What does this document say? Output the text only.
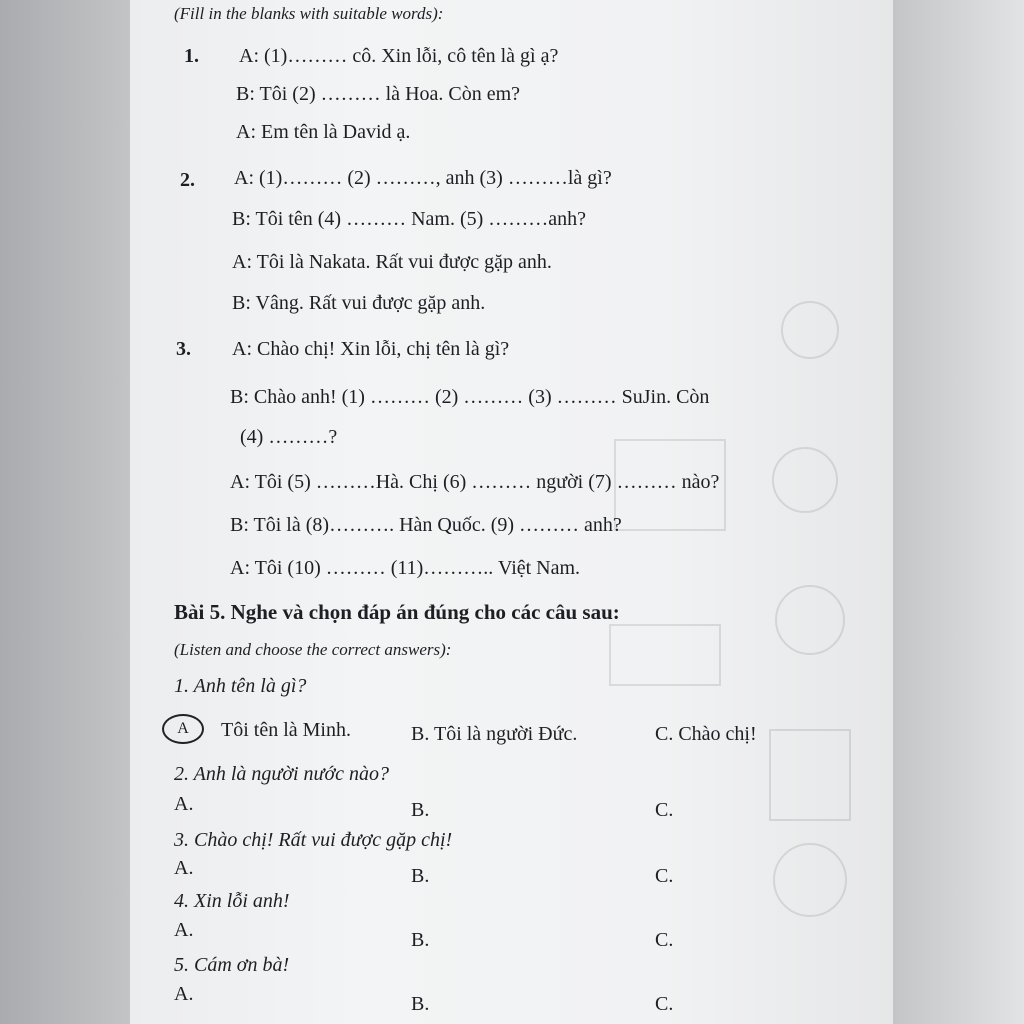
(Fill in the blanks with suitable words):
1. A: (1)……… cô. Xin lỗi, cô tên là gì ạ?
B: Tôi (2) ……… là Hoa. Còn em?
A: Em tên là David ạ.
2. A: (1)……… (2) ………, anh (3) ………là gì?
B: Tôi tên (4) ……… Nam. (5) ………anh?
A: Tôi là Nakata. Rất vui được gặp anh.
B: Vâng. Rất vui được gặp anh.
3. A: Chào chị! Xin lỗi, chị tên là gì?
B: Chào anh! (1) ……… (2) ……… (3) ……… SuJin. Còn
(4) ………?
A: Tôi (5) ………Hà. Chị (6) ……… người (7) ……… nào?
B: Tôi là (8)………. Hàn Quốc. (9) ……… anh?
A: Tôi (10) ……… (11)……….. Việt Nam.
Bài 5. Nghe và chọn đáp án đúng cho các câu sau:
(Listen and choose the correct answers):
1. Anh tên là gì?
A	Tôi tên là Minh.	B. Tôi là người Đức.	C. Chào chị!
2. Anh là người nước nào?
A.	B.	C.
3. Chào chị! Rất vui được gặp chị!
A.	B.	C.
4. Xin lỗi anh!
A.	B.	C.
5. Cám ơn bà!
A.	B.	C.
